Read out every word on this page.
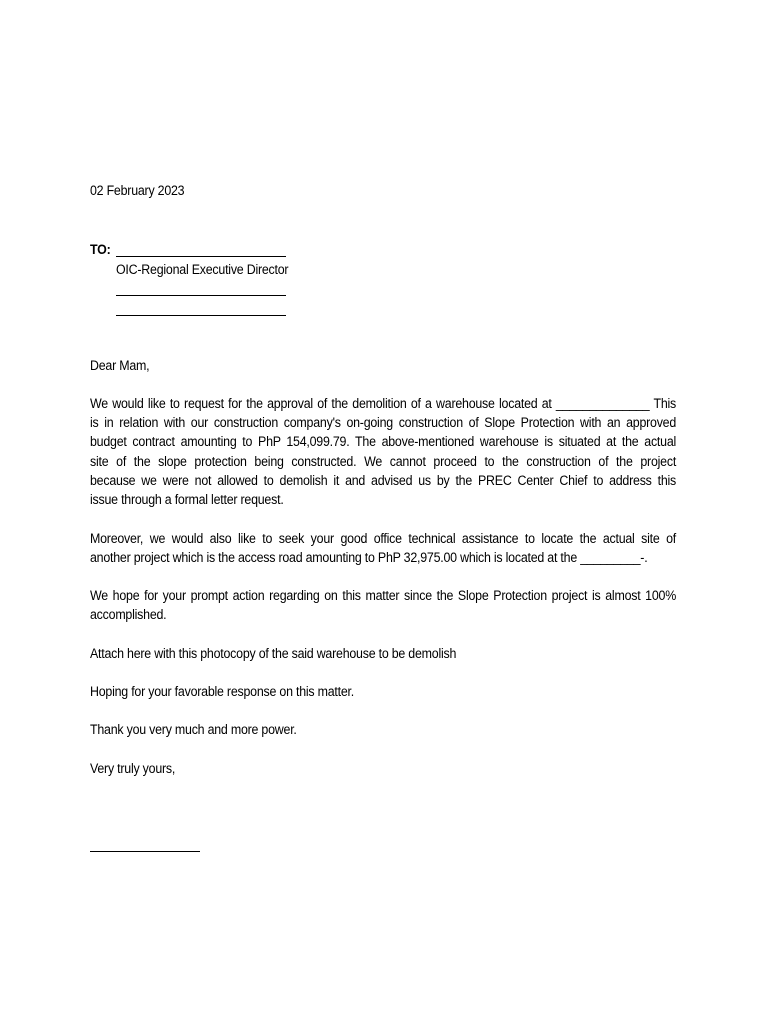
02 February 2023
TO:
OIC-Regional Executive Director
Dear Mam,
We would like to request for the approval of the demolition of a warehouse located at ______________ This
is in relation with our construction company's on-going construction of Slope Protection with an approved
budget contract amounting to PhP 154,099.79. The above-mentioned warehouse is situated at the actual
site of the slope protection being constructed. We cannot proceed to the construction of the project
because we were not allowed to demolish it and advised us by the PREC Center Chief to address this
issue through a formal letter request.
Moreover, we would also like to seek your good office technical assistance to locate the actual site of
another project which is the access road amounting to PhP 32,975.00 which is located at the _________-.
We hope for your prompt action regarding on this matter since the Slope Protection project is almost 100%
accomplished.
Attach here with this photocopy of the said warehouse to be demolish
Hoping for your favorable response on this matter.
Thank you very much and more power.
Very truly yours,
